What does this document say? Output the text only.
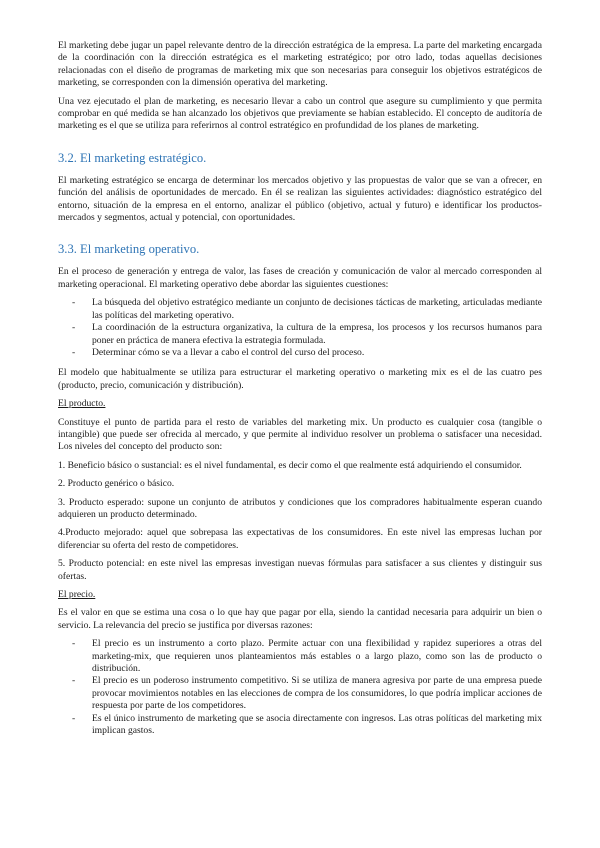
El marketing debe jugar un papel relevante dentro de la dirección estratégica de la empresa. La parte del marketing encargada de la coordinación con la dirección estratégica es el marketing estratégico; por otro lado, todas aquellas decisiones relacionadas con el diseño de programas de marketing mix que son necesarias para conseguir los objetivos estratégicos de marketing, se corresponden con la dimensión operativa del marketing.

Una vez ejecutado el plan de marketing, es necesario llevar a cabo un control que asegure su cumplimiento y que permita comprobar en qué medida se han alcanzado los objetivos que previamente se habían establecido. El concepto de auditoría de marketing es el que se utiliza para referirnos al control estratégico en profundidad de los planes de marketing.

3.2. El marketing estratégico.

El marketing estratégico se encarga de determinar los mercados objetivo y las propuestas de valor que se van a ofrecer, en función del análisis de oportunidades de mercado. En él se realizan las siguientes actividades: diagnóstico estratégico del entorno, situación de la empresa en el entorno, analizar el público (objetivo, actual y futuro) e identificar los productos-mercados y segmentos, actual y potencial, con oportunidades.

3.3. El marketing operativo.

En el proceso de generación y entrega de valor, las fases de creación y comunicación de valor al mercado corresponden al marketing operacional. El marketing operativo debe abordar las siguientes cuestiones:

- La búsqueda del objetivo estratégico mediante un conjunto de decisiones tácticas de marketing, articuladas mediante las políticas del marketing operativo.
- La coordinación de la estructura organizativa, la cultura de la empresa, los procesos y los recursos humanos para poner en práctica de manera efectiva la estrategia formulada.
- Determinar cómo se va a llevar a cabo el control del curso del proceso.

El modelo que habitualmente se utiliza para estructurar el marketing operativo o marketing mix es el de las cuatro pes (producto, precio, comunicación y distribución).

El producto.

Constituye el punto de partida para el resto de variables del marketing mix. Un producto es cualquier cosa (tangible o intangible) que puede ser ofrecida al mercado, y que permite al individuo resolver un problema o satisfacer una necesidad. Los niveles del concepto del producto son:

1. Beneficio básico o sustancial: es el nivel fundamental, es decir como el que realmente está adquiriendo el consumidor.

2. Producto genérico o básico.

3. Producto esperado: supone un conjunto de atributos y condiciones que los compradores habitualmente esperan cuando adquieren un producto determinado.

4.Producto mejorado: aquel que sobrepasa las expectativas de los consumidores. En este nivel las empresas luchan por diferenciar su oferta del resto de competidores.

5. Producto potencial: en este nivel las empresas investigan nuevas fórmulas para satisfacer a sus clientes y distinguir sus ofertas.

El precio.

Es el valor en que se estima una cosa o lo que hay que pagar por ella, siendo la cantidad necesaria para adquirir un bien o servicio. La relevancia del precio se justifica por diversas razones:

- El precio es un instrumento a corto plazo. Permite actuar con una flexibilidad y rapidez superiores a otras del marketing-mix, que requieren unos planteamientos más estables o a largo plazo, como son las de producto o distribución.
- El precio es un poderoso instrumento competitivo. Si se utiliza de manera agresiva por parte de una empresa puede provocar movimientos notables en las elecciones de compra de los consumidores, lo que podría implicar acciones de respuesta por parte de los competidores.
- Es el único instrumento de marketing que se asocia directamente con ingresos. Las otras políticas del marketing mix implican gastos.
